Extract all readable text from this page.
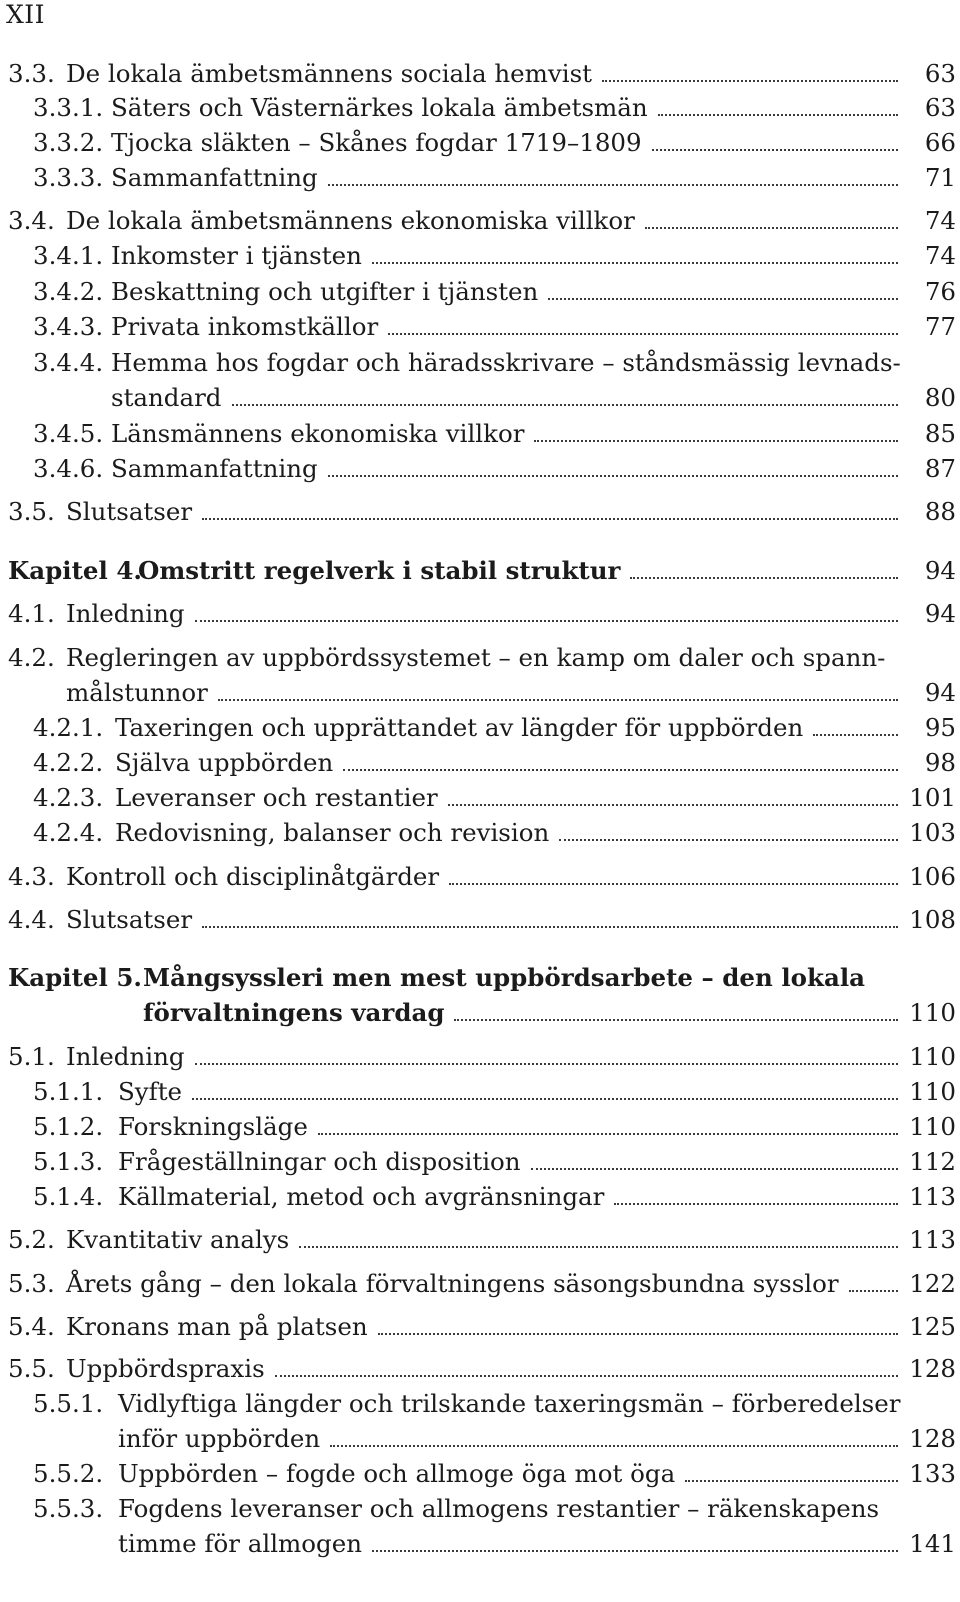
XII
3.3. De lokala ämbetsmännens sociala hemvist	63
3.3.1. Säters och Västernärkes lokala ämbetsmän	63
3.3.2. Tjocka släkten – Skånes fogdar 1719–1809	66
3.3.3. Sammanfattning	71
3.4. De lokala ämbetsmännens ekonomiska villkor	74
3.4.1. Inkomster i tjänsten	74
3.4.2. Beskattning och utgifter i tjänsten	76
3.4.3. Privata inkomstkällor	77
3.4.4. Hemma hos fogdar och häradsskrivare – ståndsmässig levnads-
standard	80
3.4.5. Länsmännens ekonomiska villkor	85
3.4.6. Sammanfattning	87
3.5. Slutsatser	88
Kapitel 4.
Omstritt regelverk i stabil struktur	94
4.1. Inledning	94
4.2. Regleringen av uppbördssystemet – en kamp om daler och spann-
målstunnor	94
4.2.1. Taxeringen och upprättandet av längder för uppbörden	95
4.2.2. Själva uppbörden	98
4.2.3. Leveranser och restantier	101
4.2.4. Redovisning, balanser och revision	103
4.3. Kontroll och disciplinåtgärder	106
4.4. Slutsatser	108
Kapitel 5. Mångsyssleri men mest uppbördsarbete – den lokala
förvaltningens vardag	110
5.1. Inledning	110
5.1.1. Syfte	110
5.1.2. Forskningsläge	110
5.1.3. Frågeställningar och disposition	112
5.1.4. Källmaterial, metod och avgränsningar	113
5.2. Kvantitativ analys	113
5.3. Årets gång – den lokala förvaltningens säsongsbundna sysslor	122
5.4. Kronans man på platsen	125
5.5. Uppbördspraxis	128
5.5.1. Vidlyftiga längder och trilskande taxeringsmän – förberedelser
inför uppbörden	128
5.5.2. Uppbörden – fogde och allmoge öga mot öga	133
5.5.3. Fogdens leveranser och allmogens restantier – räkenskapens
timme för allmogen	141
